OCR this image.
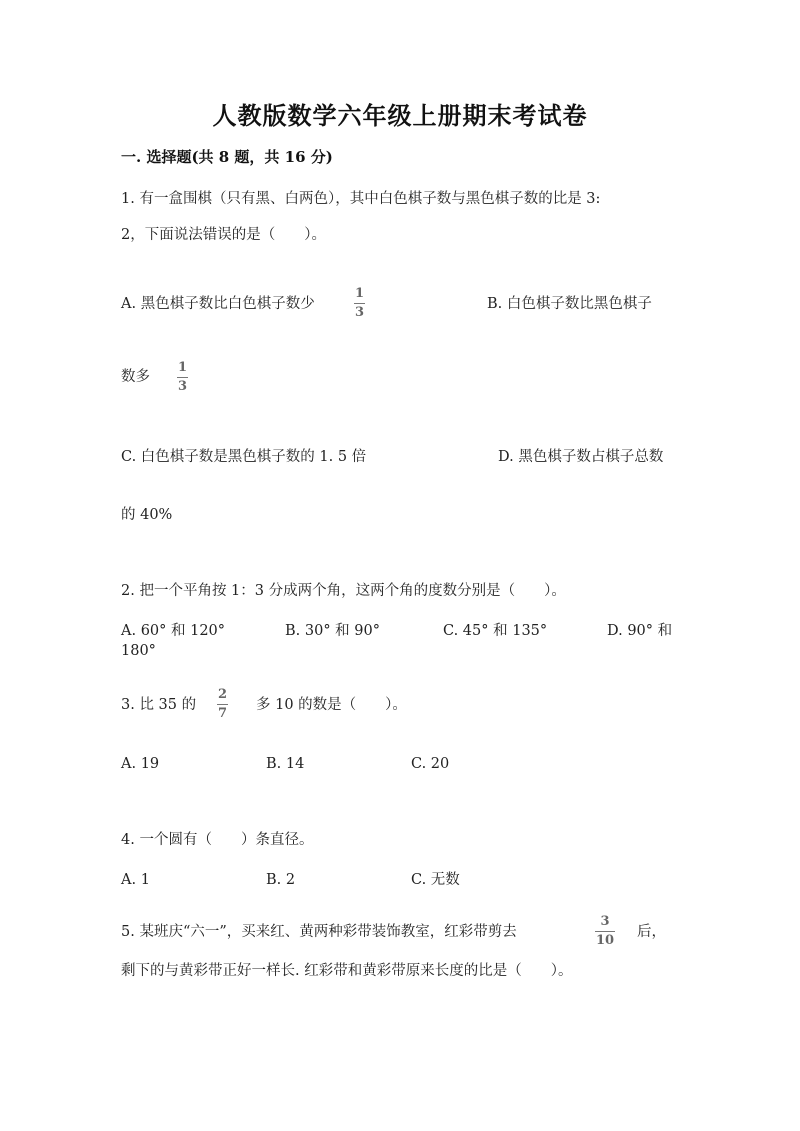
人教版数学六年级上册期末考试卷
一. 选择题(共 8 题，共 16 分)
1. 有一盒围棋（只有黑、白两色），其中白色棋子数与黑色棋子数的比是 3:
2，下面说法错误的是（　　）。
A. 黑色棋子数比白色棋子数少
1
3
B. 白色棋子数比黑色棋子
数多
1
3
C. 白色棋子数是黑色棋子数的 1. 5 倍	D. 黑色棋子数占棋子总数
的 40%
2. 把一个平角按 1：3 分成两个角，这两个角的度数分别是（　　）。
A. 60° 和 120°	B. 30° 和 90°	C. 45° 和 135°	D. 90° 和
180°
3. 比 35 的
2
7
多 10 的数是（　　）。
A. 19	B. 14	C. 20
4. 一个圆有（　　）条直径。
A. 1	B. 2	C. 无数
5. 某班庆“六一”，买来红、黄两种彩带装饰教室，红彩带剪去
3
10
后，
剩下的与黄彩带正好一样长. 红彩带和黄彩带原来长度的比是（　　）。
